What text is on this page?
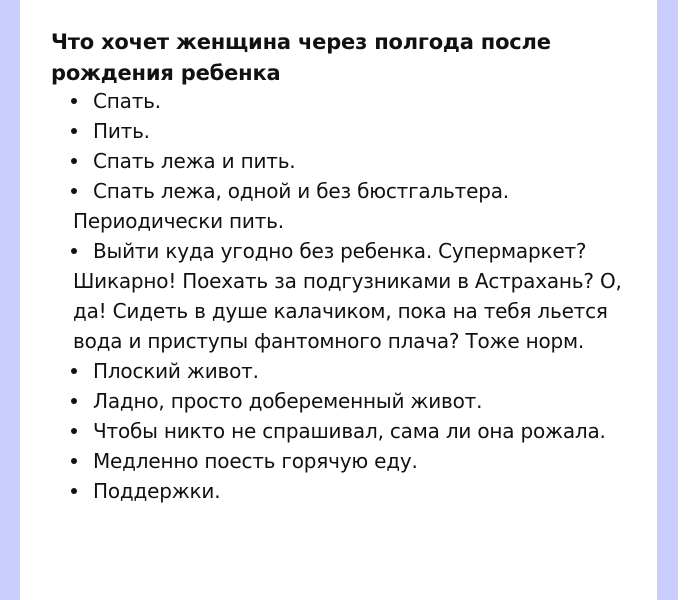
Что хочет женщина через полгода после рождения ребенка
Спать.
Пить.
Спать лежа и пить.
Спать лежа, одной и без бюстгальтера. Периодически пить.
Выйти куда угодно без ребенка. Супермаркет? Шикарно! Поехать за подгузниками в Астрахань? О, да! Сидеть в душе калачиком, пока на тебя льется вода и приступы фантомного плача? Тоже норм.
Плоский живот.
Ладно, просто добеременный живот.
Чтобы никто не спрашивал, сама ли она рожала.
Медленно поесть горячую еду.
Поддержки.
